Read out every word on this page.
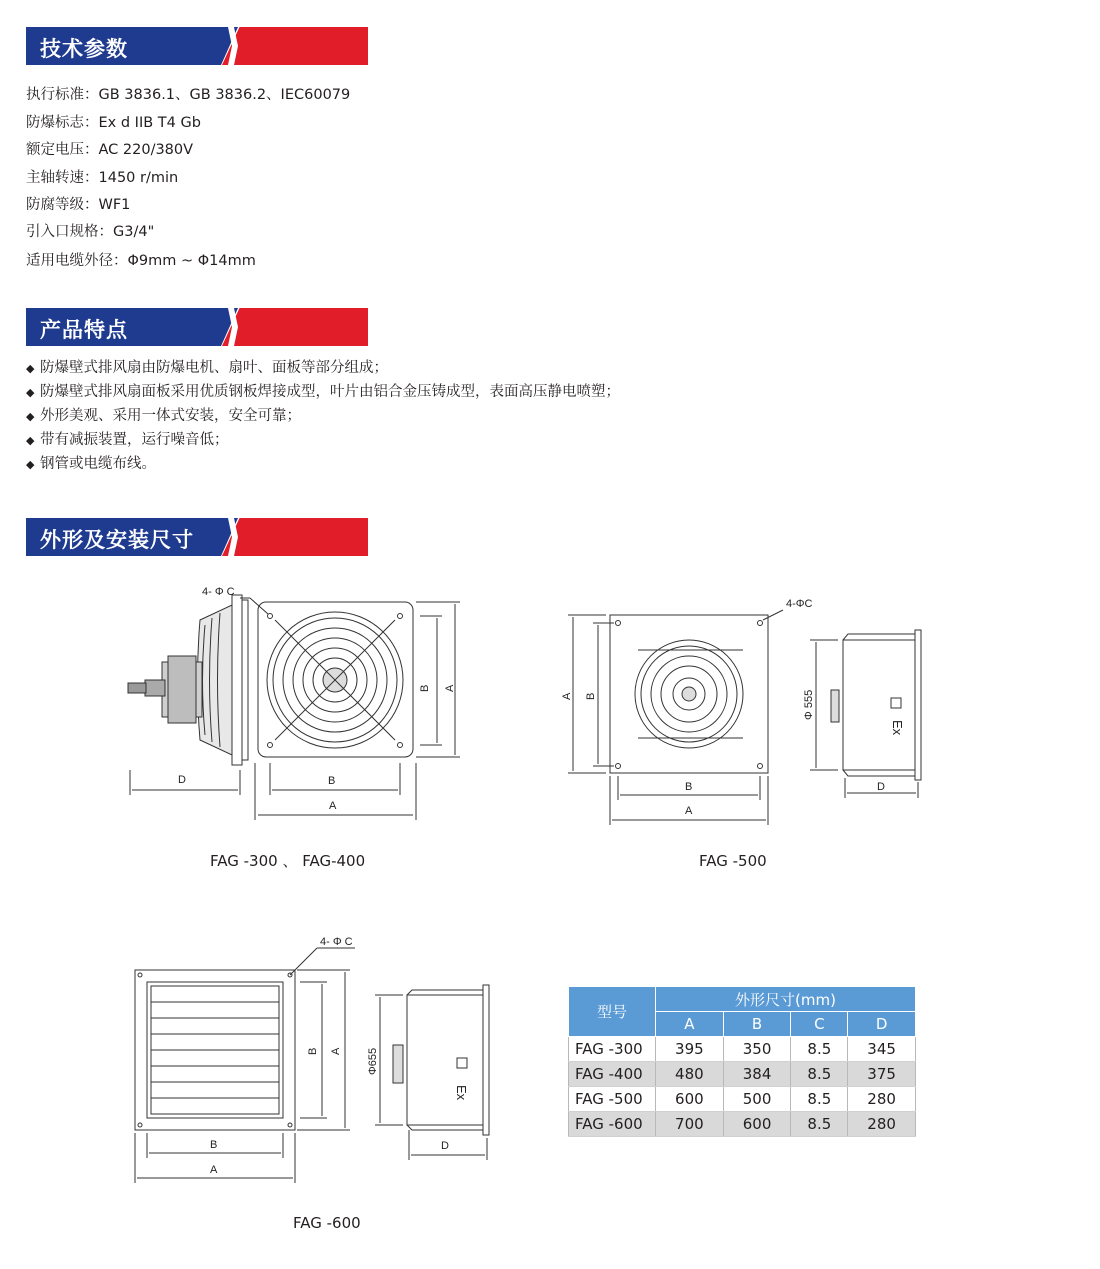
技术参数
执行标准：GB 3836.1、GB 3836.2、IEC60079
防爆标志：Ex d IIB T4 Gb
额定电压：AC 220/380V
主轴转速：1450 r/min
防腐等级：WF1
引入口规格：G3/4"
适用电缆外径：Φ9mm ~ Φ14mm
产品特点
◆ 防爆壁式排风扇由防爆电机、扇叶、面板等部分组成；
◆ 防爆壁式排风扇面板采用优质钢板焊接成型，叶片由铝合金压铸成型，表面高压静电喷塑；
◆ 外形美观、采用一体式安装，安全可靠；
◆ 带有减振装置，运行噪音低；
◆ 钢管或电缆布线。
外形及安装尺寸
4- Φ C
B
A
D
B A
FAG -300 、 FAG-400
4-ΦC
B
A
D
A B	Φ 555
Ex
FAG -500
4- Φ C
B
A
D
B A Φ655
Ex
FAG -600
型号	外形尺寸(mm)			
	A	B	C	D
FAG -300	395	350	8.5	345
FAG -400	480	384	8.5	375
FAG -500	600	500	8.5	280
FAG -600	700	600	8.5	280
